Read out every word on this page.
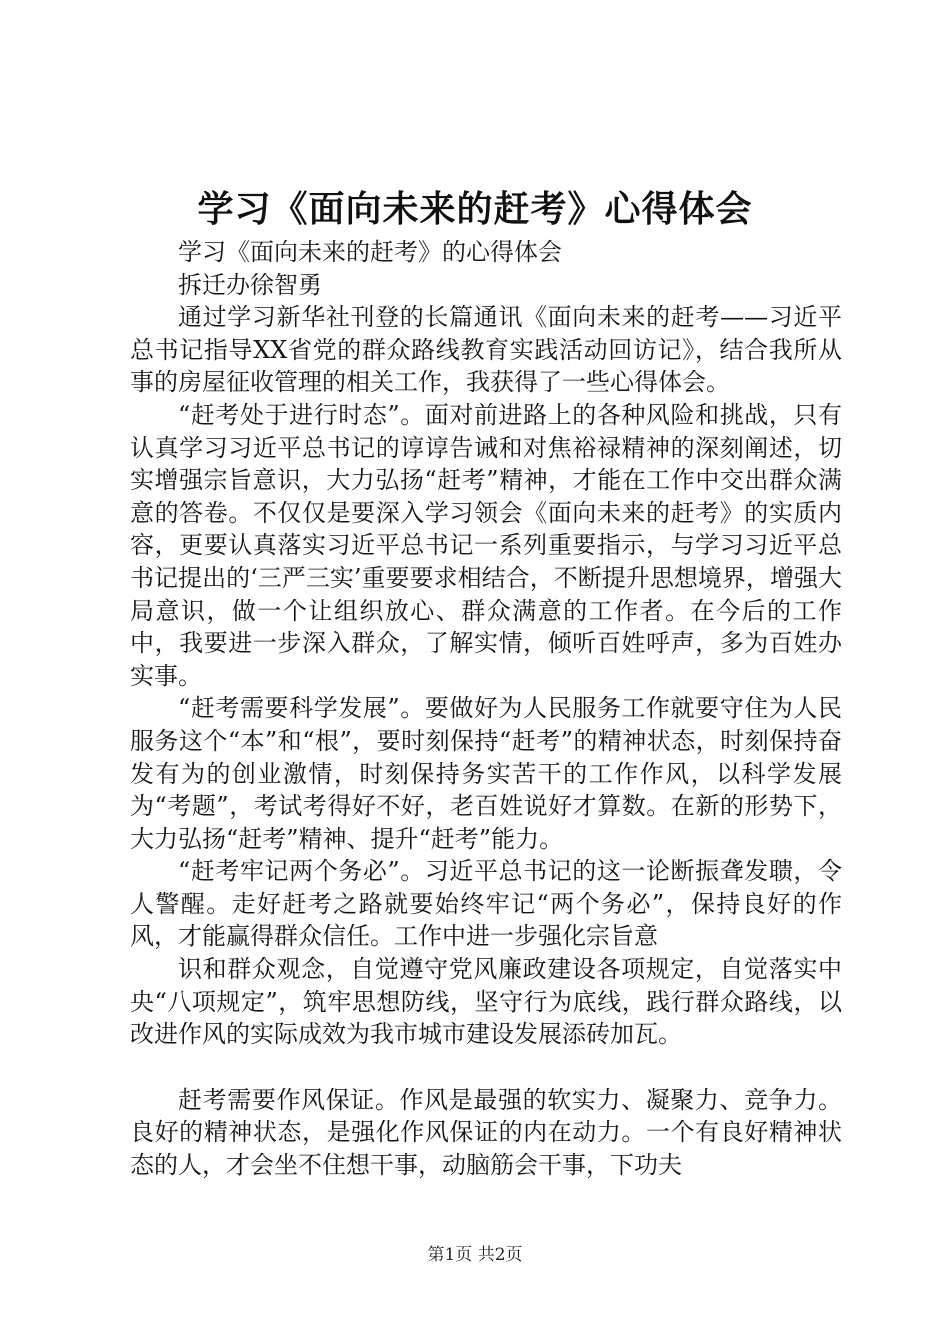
学习《面向未来的赶考》心得体会

学习《面向未来的赶考》的心得体会

拆迁办徐智勇

通过学习新华社刊登的长篇通讯《面向未来的赶考——习近平总书记指导XX省党的群众路线教育实践活动回访记》，结合我所从事的房屋征收管理的相关工作，我获得了一些心得体会。

“赶考处于进行时态”。面对前进路上的各种风险和挑战，只有认真学习习近平总书记的谆谆告诫和对焦裕禄精神的深刻阐述，切实增强宗旨意识，大力弘扬“赶考”精神，才能在工作中交出群众满意的答卷。不仅仅是要深入学习领会《面向未来的赶考》的实质内容，更要认真落实习近平总书记一系列重要指示，与学习习近平总书记提出的‘三严三实’重要要求相结合，不断提升思想境界，增强大局意识，做一个让组织放心、群众满意的工作者。在今后的工作中，我要进一步深入群众，了解实情，倾听百姓呼声，多为百姓办实事。

“赶考需要科学发展”。要做好为人民服务工作就要守住为人民服务这个“本”和“根”，要时刻保持“赶考”的精神状态，时刻保持奋发有为的创业激情，时刻保持务实苦干的工作作风，以科学发展为“考题”，考试考得好不好，老百姓说好才算数。在新的形势下，大力弘扬“赶考”精神、提升“赶考”能力。

“赶考牢记两个务必”。习近平总书记的这一论断振聋发聩，令人警醒。走好赶考之路就要始终牢记“两个务必”，保持良好的作风，才能赢得群众信任。工作中进一步强化宗旨意

识和群众观念，自觉遵守党风廉政建设各项规定，自觉落实中央“八项规定”，筑牢思想防线，坚守行为底线，践行群众路线，以改进作风的实际成效为我市城市建设发展添砖加瓦。

赶考需要作风保证。作风是最强的软实力、凝聚力、竞争力。良好的精神状态，是强化作风保证的内在动力。一个有良好精神状态的人，才会坐不住想干事，动脑筋会干事，下功夫

第1页 共2页
